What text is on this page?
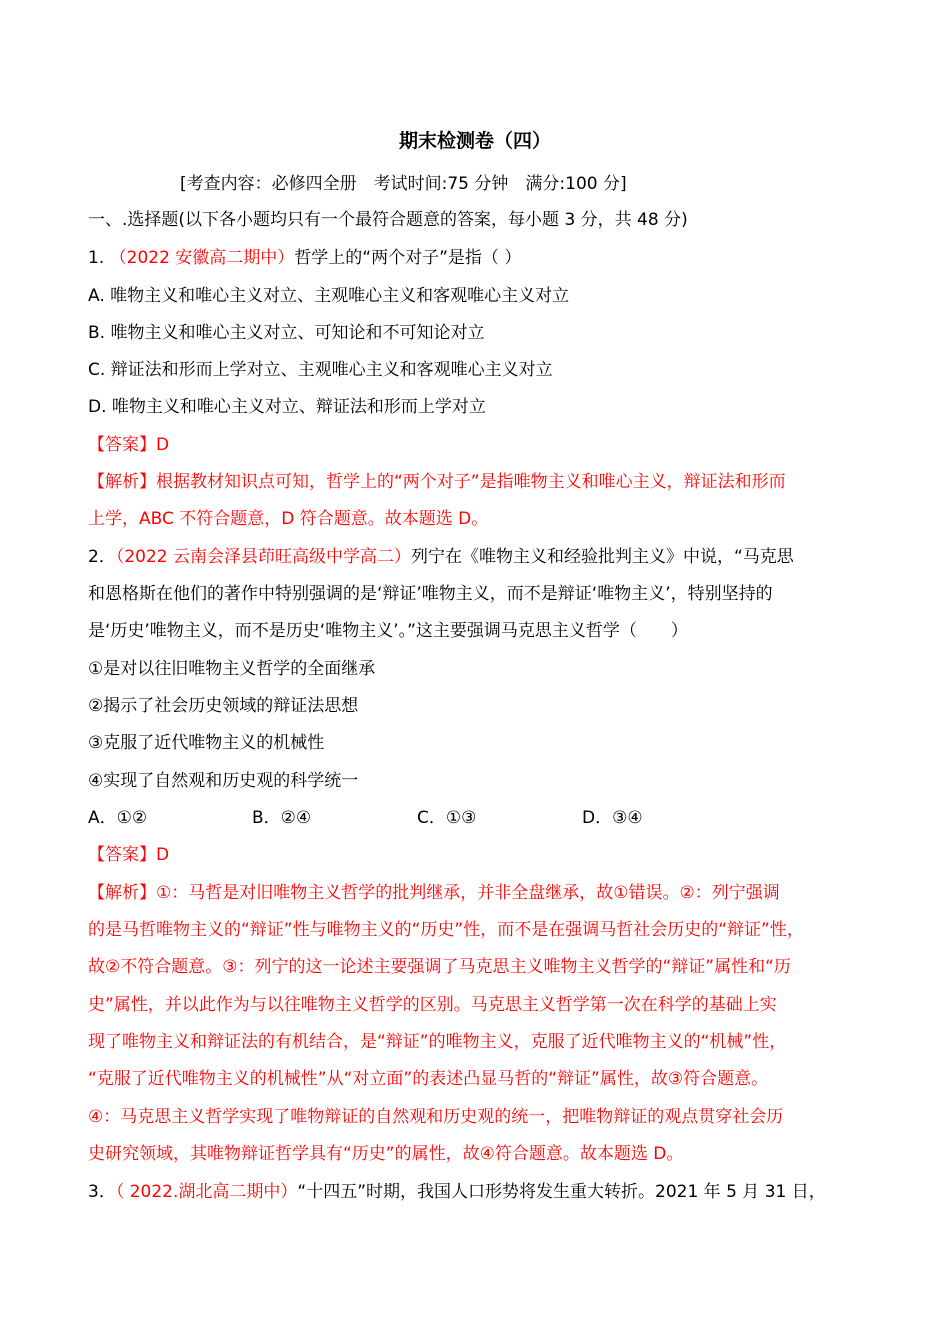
期末检测卷（四）
[考查内容：必修四全册　考试时间:75 分钟　满分:100 分]
一、.选择题(以下各小题均只有一个最符合题意的答案，每小题 3 分，共 48 分)
1. （2022 安徽高二期中）哲学上的“两个对子”是指（ ）
A. 唯物主义和唯心主义对立、主观唯心主义和客观唯心主义对立
B. 唯物主义和唯心主义对立、可知论和不可知论对立
C. 辩证法和形而上学对立、主观唯心主义和客观唯心主义对立
D. 唯物主义和唯心主义对立、辩证法和形而上学对立
【答案】D
【解析】根据教材知识点可知，哲学上的“两个对子”是指唯物主义和唯心主义，辩证法和形而
上学，ABC 不符合题意，D 符合题意。故本题选 D。
2．（2022 云南会泽县茚旺高级中学高二）列宁在《唯物主义和经验批判主义》中说，“马克思
和恩格斯在他们的著作中特别强调的是‘辩证’唯物主义，而不是辩证‘唯物主义’，特别坚持的
是‘历史’唯物主义，而不是历史‘唯物主义’。”这主要强调马克思主义哲学（　　）
①是对以往旧唯物主义哲学的全面继承
②揭示了社会历史领域的辩证法思想
③克服了近代唯物主义的机械性
④实现了自然观和历史观的科学统一
A．①②	B．②④	C．①③	D．③④
【答案】D
【解析】①：马哲是对旧唯物主义哲学的批判继承，并非全盘继承，故①错误。②：列宁强调
的是马哲唯物主义的“辩证”性与唯物主义的“历史”性，而不是在强调马哲社会历史的“辩证”性，
故②不符合题意。③：列宁的这一论述主要强调了马克思主义唯物主义哲学的“辩证”属性和“历
史”属性，并以此作为与以往唯物主义哲学的区别。马克思主义哲学第一次在科学的基础上实
现了唯物主义和辩证法的有机结合，是“辩证”的唯物主义，克服了近代唯物主义的“机械”性，
“克服了近代唯物主义的机械性”从“对立面”的表述凸显马哲的“辩证”属性，故③符合题意。
④：马克思主义哲学实现了唯物辩证的自然观和历史观的统一，把唯物辩证的观点贯穿社会历
史研究领域，其唯物辩证哲学具有“历史”的属性，故④符合题意。故本题选 D。
3．（ 2022.湖北高二期中）“十四五”时期，我国人口形势将发生重大转折。2021 年 5 月 31 日，
